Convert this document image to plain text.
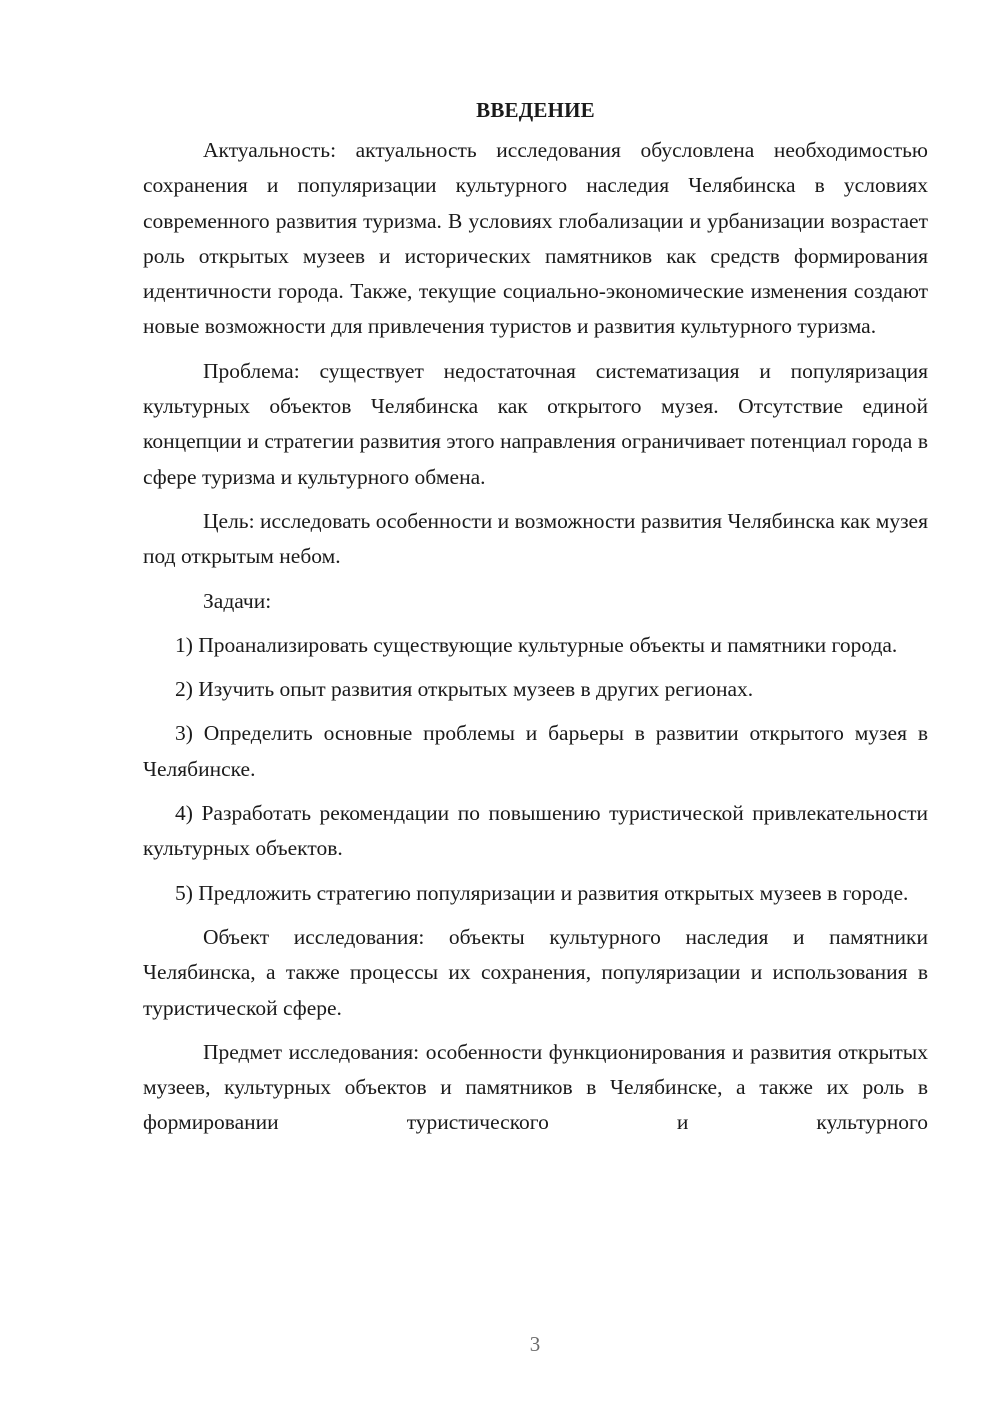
ВВЕДЕНИЕ

Актуальность: актуальность исследования обусловлена необходимостью сохранения и популяризации культурного наследия Челябинска в условиях современного развития туризма. В условиях глобализации и урбанизации возрастает роль открытых музеев и исторических памятников как средств формирования идентичности города. Также, текущие социально-экономические изменения создают новые возможности для привлечения туристов и развития культурного туризма.

Проблема: существует недостаточная систематизация и популяризация культурных объектов Челябинска как открытого музея. Отсутствие единой концепции и стратегии развития этого направления ограничивает потенциал города в сфере туризма и культурного обмена.

Цель: исследовать особенности и возможности развития Челябинска как музея под открытым небом.

Задачи:

1) Проанализировать существующие культурные объекты и памятники города.

2) Изучить опыт развития открытых музеев в других регионах.

3) Определить основные проблемы и барьеры в развитии открытого музея в Челябинске.

4) Разработать рекомендации по повышению туристической привлекательности культурных объектов.

5) Предложить стратегию популяризации и развития открытых музеев в городе.

Объект исследования: объекты культурного наследия и памятники Челябинска, а также процессы их сохранения, популяризации и использования в туристической сфере.

Предмет исследования: особенности функционирования и развития открытых музеев, культурных объектов и памятников в Челябинске, а также их роль в формировании туристического и культурного

3
